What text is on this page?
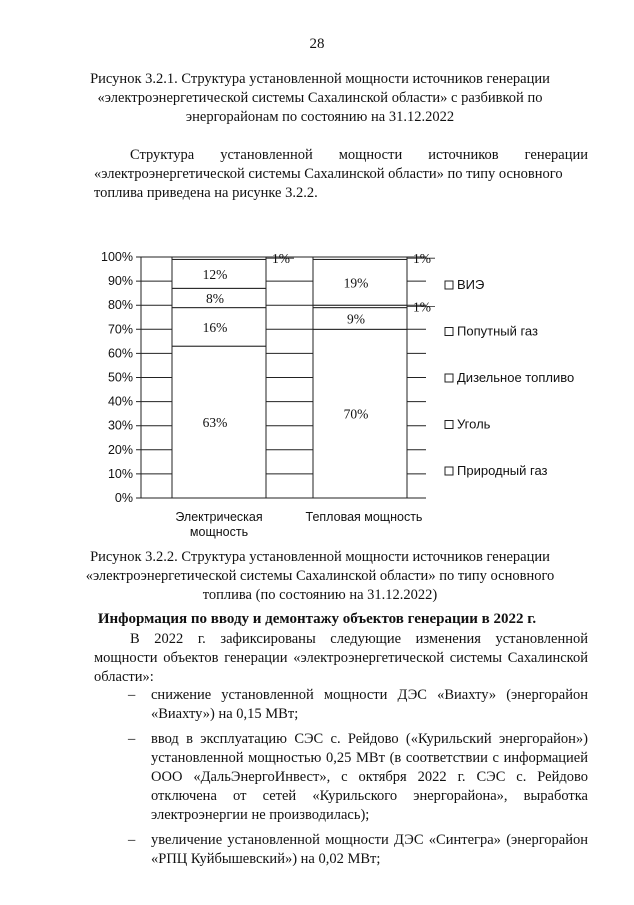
28
Рисунок 3.2.1. Структура установленной мощности источников генерации
«электроэнергетической системы Сахалинской области» с разбивкой по
энергорайонам по состоянию на 31.12.2022
Структура установленной мощности источников генерации
«электроэнергетической системы Сахалинской области» по типу основного
топлива приведена на рисунке 3.2.2.
0%
10%
20%
30%
40%
50%
60%
70%
80%
90%
100%
63%
16%
8%
12%
1%
70%
9%
1%
19%
1%
Электрическая
мощность
Тепловая мощность
ВИЭ
Попутный газ
Дизельное топливо
Уголь
Природный газ
Рисунок 3.2.2. Структура установленной мощности источников генерации
«электроэнергетической системы Сахалинской области» по типу основного
топлива (по состоянию на 31.12.2022)
Информация по вводу и демонтажу объектов генерации в 2022 г.
В 2022 г. зафиксированы следующие изменения установленной мощности объектов генерации «электроэнергетической системы Сахалинской области»:
– снижение установленной мощности ДЭС «Виахту» (энергорайон «Виахту») на 0,15 МВт;
– ввод в эксплуатацию СЭС с. Рейдово («Курильский энергорайон») установленной мощностью 0,25 МВт (в соответствии с информацией ООО «ДальЭнергоИнвест», с октября 2022 г. СЭС с. Рейдово отключена от сетей «Курильского энергорайона», выработка электроэнергии не производилась);
– увеличение установленной мощности ДЭС «Синтегра» (энергорайон «РПЦ Куйбышевский») на 0,02 МВт;
